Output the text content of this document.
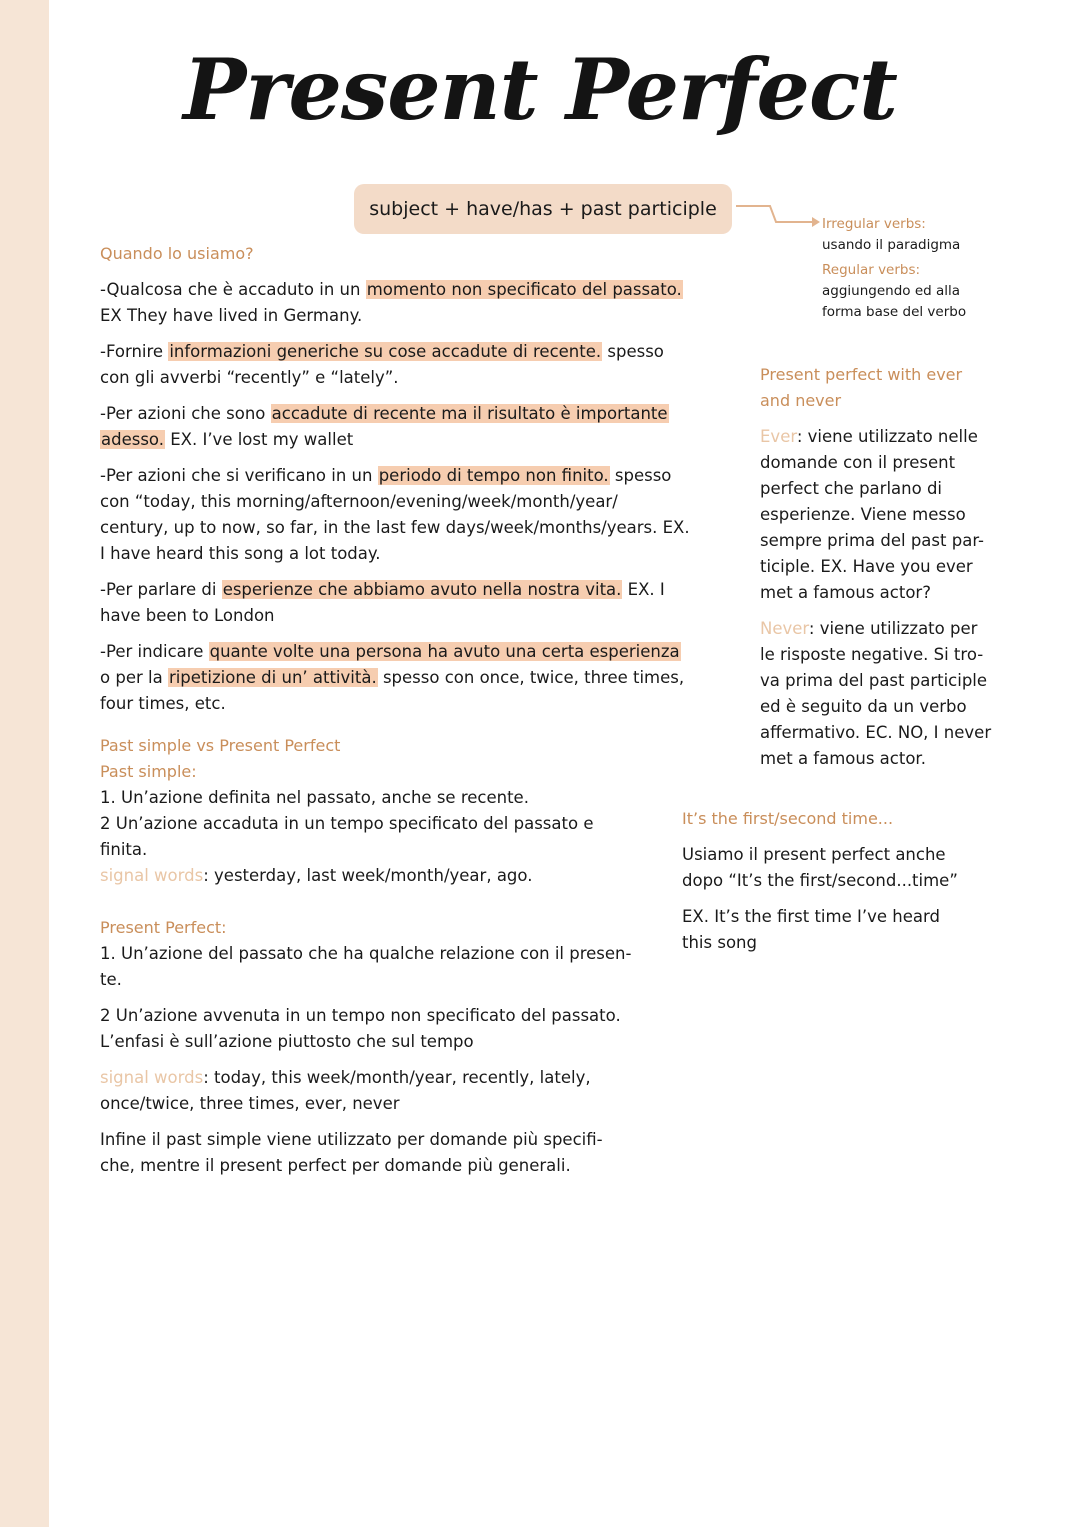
Present Perfect
subject + have/has + past participle

Irregular verbs:

usando il paradigma

Regular verbs:

aggiungendo ed alla

forma base del verbo

Quando lo usiamo?

-Qualcosa che è accaduto in un momento non specificato del passato.

EX They have lived in Germany.

-Fornire informazioni generiche su cose accadute di recente. spesso

con gli avverbi “recently” e “lately”.

-Per azioni che sono accadute di recente ma il risultato è importante

adesso. EX. I’ve lost my wallet

-Per azioni che si verificano in un periodo di tempo non finito. spesso

con “today, this morning/afternoon/evening/week/month/year/

century, up to now, so far, in the last few days/week/months/years. EX.

I have heard this song a lot today.

-Per parlare di esperienze che abbiamo avuto nella nostra vita. EX. I

have been to London

-Per indicare quante volte una persona ha avuto una certa esperienza

o per la ripetizione di un’ attività. spesso con once, twice, three times,

four times, etc.

Past simple vs Present Perfect

Past simple:

1. Un’azione definita nel passato, anche se recente.

2 Un’azione accaduta in un tempo specificato del passato e

finita.

signal words: yesterday, last week/month/year, ago.

Present Perfect:

1. Un’azione del passato che ha qualche relazione con il presen-

te.

2 Un’azione avvenuta in un tempo non specificato del passato.

L’enfasi è sull’azione piuttosto che sul tempo

signal words: today, this week/month/year, recently, lately,

once/twice, three times, ever, never

Infine il past simple viene utilizzato per domande più specifi-

che, mentre il present perfect per domande più generali.

Present perfect with ever

and never

Ever: viene utilizzato nelle

domande con il present

perfect che parlano di

esperienze. Viene messo

sempre prima del past par-

ticiple. EX. Have you ever

met a famous actor?

Never: viene utilizzato per

le risposte negative. Si tro-

va prima del past participle

ed è seguito da un verbo

affermativo. EC. NO, I never

met a famous actor.

It’s the first/second time...

Usiamo il present perfect anche

dopo “It’s the first/second...time”

EX. It’s the first time I’ve heard

this song
